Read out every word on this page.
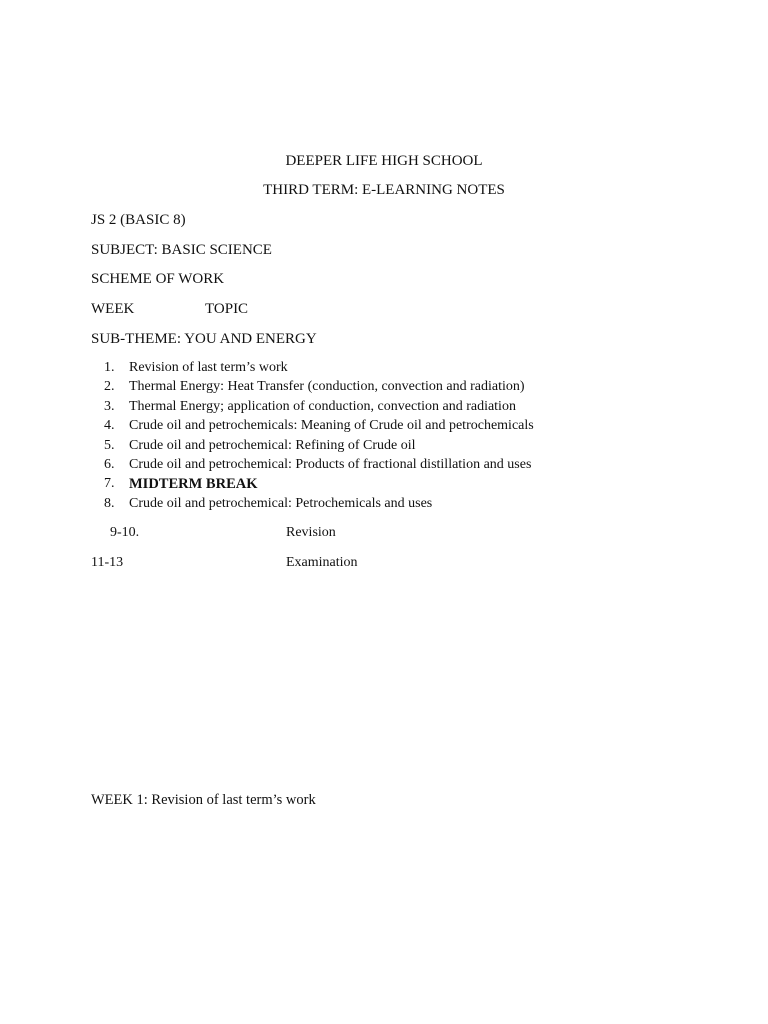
DEEPER LIFE HIGH SCHOOL
THIRD TERM: E-LEARNING NOTES
JS 2 (BASIC 8)
SUBJECT: BASIC SCIENCE
SCHEME OF WORK
WEEK	TOPIC
SUB-THEME: YOU AND ENERGY
1.	Revision of last term’s work
2.	Thermal Energy: Heat Transfer (conduction, convection and radiation)
3.	Thermal Energy; application of conduction, convection and radiation
4.	Crude oil and petrochemicals: Meaning of Crude oil and petrochemicals
5.	Crude oil and petrochemical: Refining of Crude oil
6.	Crude oil and petrochemical: Products of fractional distillation and uses
7.	MIDTERM BREAK
8.	Crude oil and petrochemical: Petrochemicals and uses
9-10.	Revision
11-13	Examination
WEEK 1: Revision of last term’s work
